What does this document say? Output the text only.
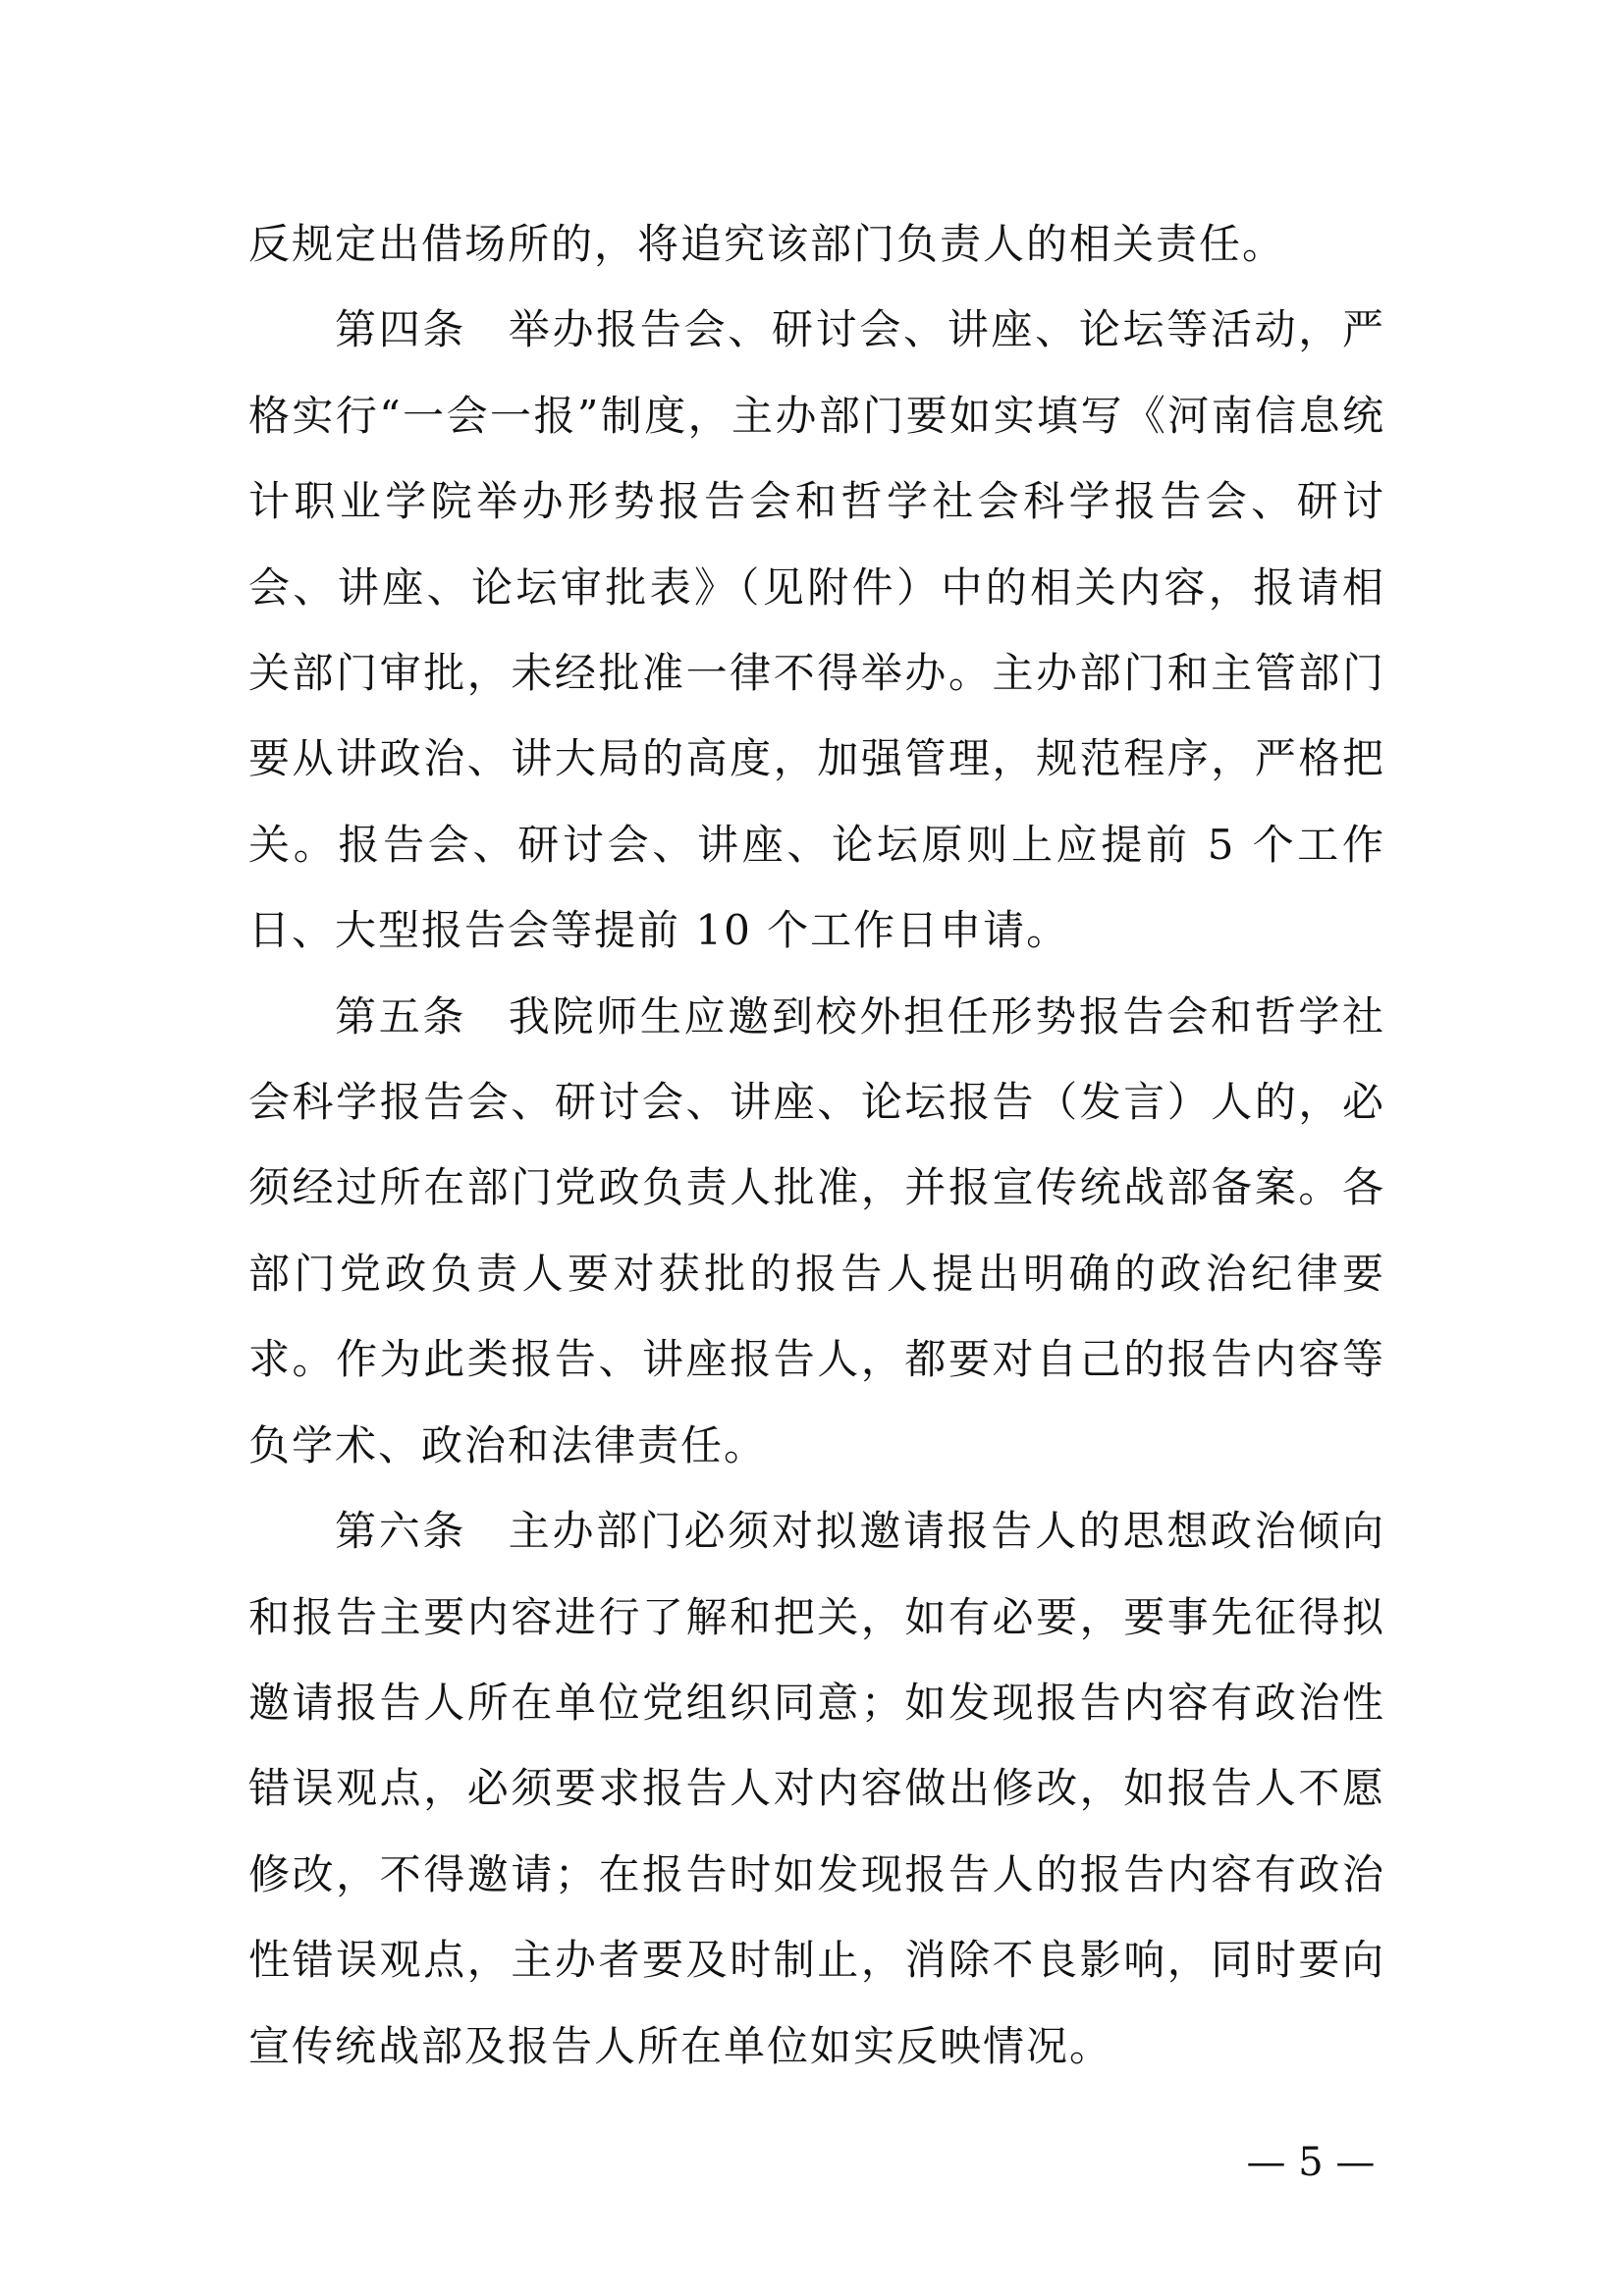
反规定出借场所的，将追究该部门负责人的相关责任。

第四条 举办报告会、研讨会、讲座、论坛等活动，严格实行“一会一报”制度，主办部门要如实填写《河南信息统计职业学院举办形势报告会和哲学社会科学报告会、研讨会、讲座、论坛审批表》（见附件）中的相关内容，报请相关部门审批，未经批准一律不得举办。主办部门和主管部门要从讲政治、讲大局的高度，加强管理，规范程序，严格把关。报告会、研讨会、讲座、论坛原则上应提前 5 个工作日、大型报告会等提前 10 个工作日申请。

第五条 我院师生应邀到校外担任形势报告会和哲学社会科学报告会、研讨会、讲座、论坛报告（发言）人的，必须经过所在部门党政负责人批准，并报宣传统战部备案。各部门党政负责人要对获批的报告人提出明确的政治纪律要求。作为此类报告、讲座报告人，都要对自己的报告内容等负学术、政治和法律责任。

第六条 主办部门必须对拟邀请报告人的思想政治倾向和报告主要内容进行了解和把关，如有必要，要事先征得拟邀请报告人所在单位党组织同意；如发现报告内容有政治性错误观点，必须要求报告人对内容做出修改，如报告人不愿修改，不得邀请；在报告时如发现报告人的报告内容有政治性错误观点，主办者要及时制止，消除不良影响，同时要向宣传统战部及报告人所在单位如实反映情况。

— 5 —
